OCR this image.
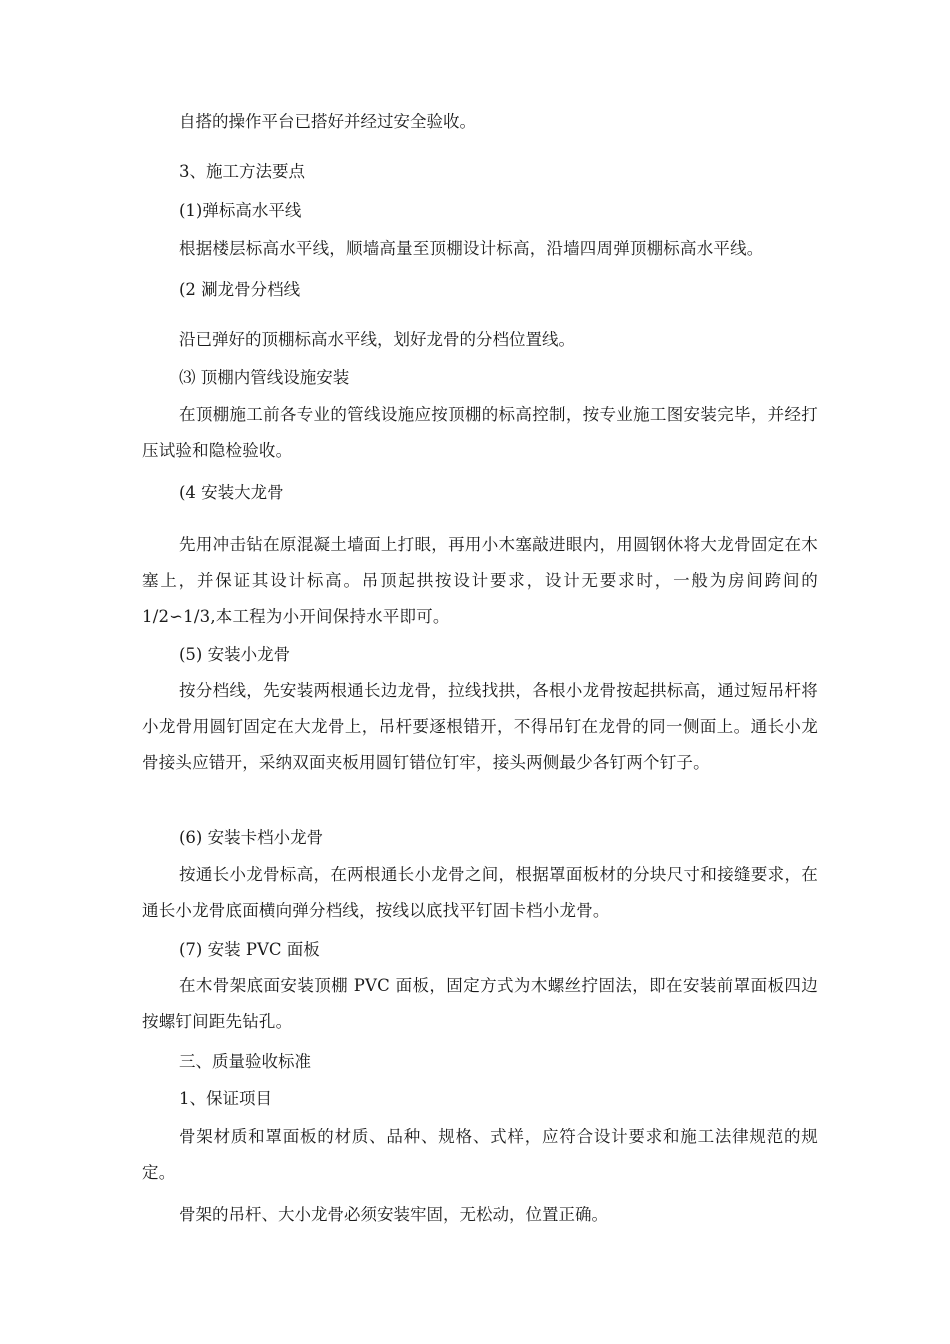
自搭的操作平台已搭好并经过安全验收。

3、施工方法要点

(1)弹标高水平线

根据楼层标高水平线，顺墙高量至顶棚设计标高，沿墙四周弹顶棚标高水平线。

(2 涮龙骨分档线

沿已弹好的顶棚标高水平线，划好龙骨的分档位置线。

⑶ 顶棚内管线设施安装

在顶棚施工前各专业的管线设施应按顶棚的标高控制，按专业施工图安装完毕，并经打压试验和隐检验收。

(4 安装大龙骨

先用冲击钻在原混凝土墙面上打眼，再用小木塞敲进眼内，用圆钢休将大龙骨固定在木塞上，并保证其设计标高。吊顶起拱按设计要求，设计无要求时，一般为房间跨间的 1/2∽1/3,本工程为小开间保持水平即可。

(5) 安装小龙骨

按分档线，先安装两根通长边龙骨，拉线找拱，各根小龙骨按起拱标高，通过短吊杆将小龙骨用圆钉固定在大龙骨上，吊杆要逐根错开，不得吊钉在龙骨的同一侧面上。通长小龙骨接头应错开，采纳双面夹板用圆钉错位钉牢，接头两侧最少各钉两个钉子。

(6) 安装卡档小龙骨

按通长小龙骨标高，在两根通长小龙骨之间，根据罩面板材的分块尺寸和接缝要求，在通长小龙骨底面横向弹分档线，按线以底找平钉固卡档小龙骨。

(7) 安装 PVC 面板

在木骨架底面安装顶棚 PVC 面板，固定方式为木螺丝拧固法，即在安装前罩面板四边按螺钉间距先钻孔。

三、质量验收标准

1、保证项目

骨架材质和罩面板的材质、品种、规格、式样，应符合设计要求和施工法律规范的规定。

骨架的吊杆、大小龙骨必须安装牢固，无松动，位置正确。
